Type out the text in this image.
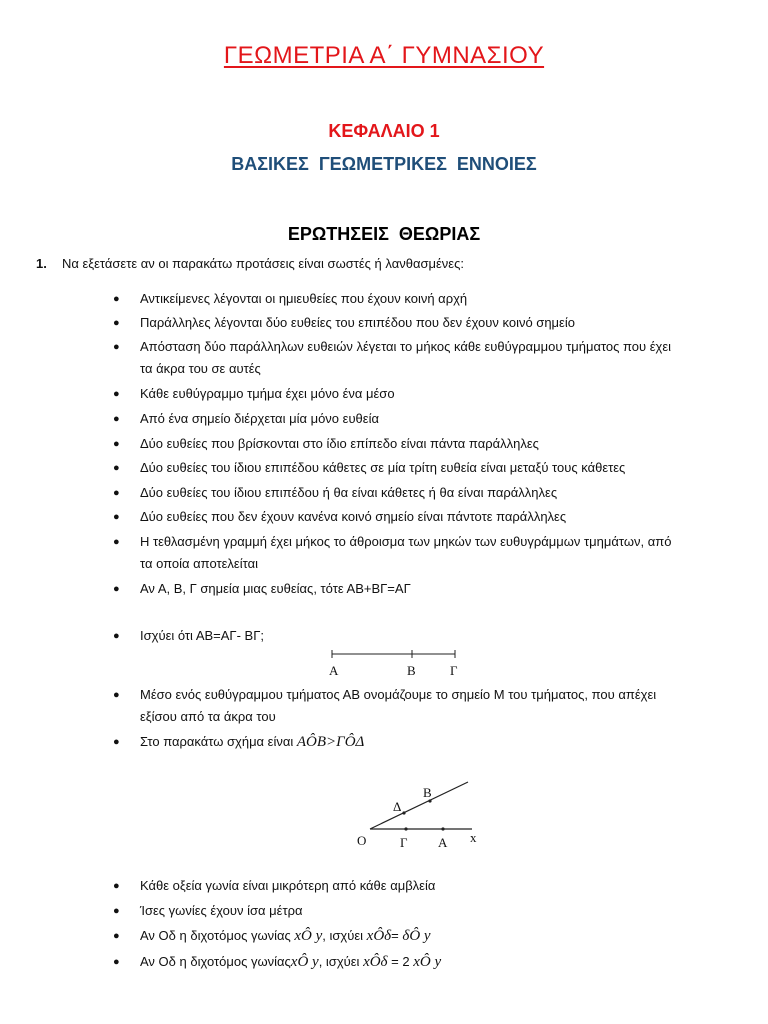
ΓΕΩΜΕΤΡΙΑ Α΄ ΓΥΜΝΑΣΙΟΥ
ΚΕΦΑΛΑΙΟ 1
ΒΑΣΙΚΕΣ ΓΕΩΜΕΤΡΙΚΕΣ ΕΝΝΟΙΕΣ
ΕΡΩΤΗΣΕΙΣ ΘΕΩΡΙΑΣ
1. Να εξετάσετε αν οι παρακάτω προτάσεις είναι σωστές ή λανθασμένες:
● Αντικείμενες λέγονται οι ημιευθείες που έχουν κοινή αρχή
● Παράλληλες λέγονται δύο ευθείες του επιπέδου που δεν έχουν κοινό σημείο
● Απόσταση δύο παράλληλων ευθειών λέγεται το μήκος κάθε ευθύγραμμου τμήματος που έχει
τα άκρα του σε αυτές
● Κάθε ευθύγραμμο τμήμα έχει μόνο ένα μέσο
● Από ένα σημείο διέρχεται μία μόνο ευθεία
● Δύο ευθείες που βρίσκονται στο ίδιο επίπεδο είναι πάντα παράλληλες
● Δύο ευθείες του ίδιου επιπέδου κάθετες σε μία τρίτη ευθεία είναι μεταξύ τους κάθετες
● Δύο ευθείες του ίδιου επιπέδου ή θα είναι κάθετες ή θα είναι παράλληλες
● Δύο ευθείες που δεν έχουν κανένα κοινό σημείο είναι πάντοτε παράλληλες
● Η τεθλασμένη γραμμή έχει μήκος το άθροισμα των μηκών των ευθυγράμμων τμημάτων, από
τα οποία αποτελείται
● Αν Α, Β, Γ σημεία μιας ευθείας, τότε ΑΒ+ΒΓ=ΑΓ
● Ισχύει ότι ΑΒ=ΑΓ- ΒΓ;
Α	Β	Γ
● Μέσο ενός ευθύγραμμου τμήματος ΑΒ ονομάζουμε το σημείο Μ του τμήματος, που απέχει
εξίσου από τα άκρα του
● Στο παρακάτω σχήμα είναι AÔB>ΓÔΔ
Ο
Δ
Β
Γ Α x
● Κάθε οξεία γωνία είναι μικρότερη από κάθε αμβλεία
● Ίσες γωνίες έχουν ίσα μέτρα
● Αν Οδ η διχοτόμος γωνίας xÔ y, ισχύει xÔδ= δÔ y
● Αν Οδ η διχοτόμος γωνίαςxÔ y, ισχύει xÔδ = 2 xÔ y
